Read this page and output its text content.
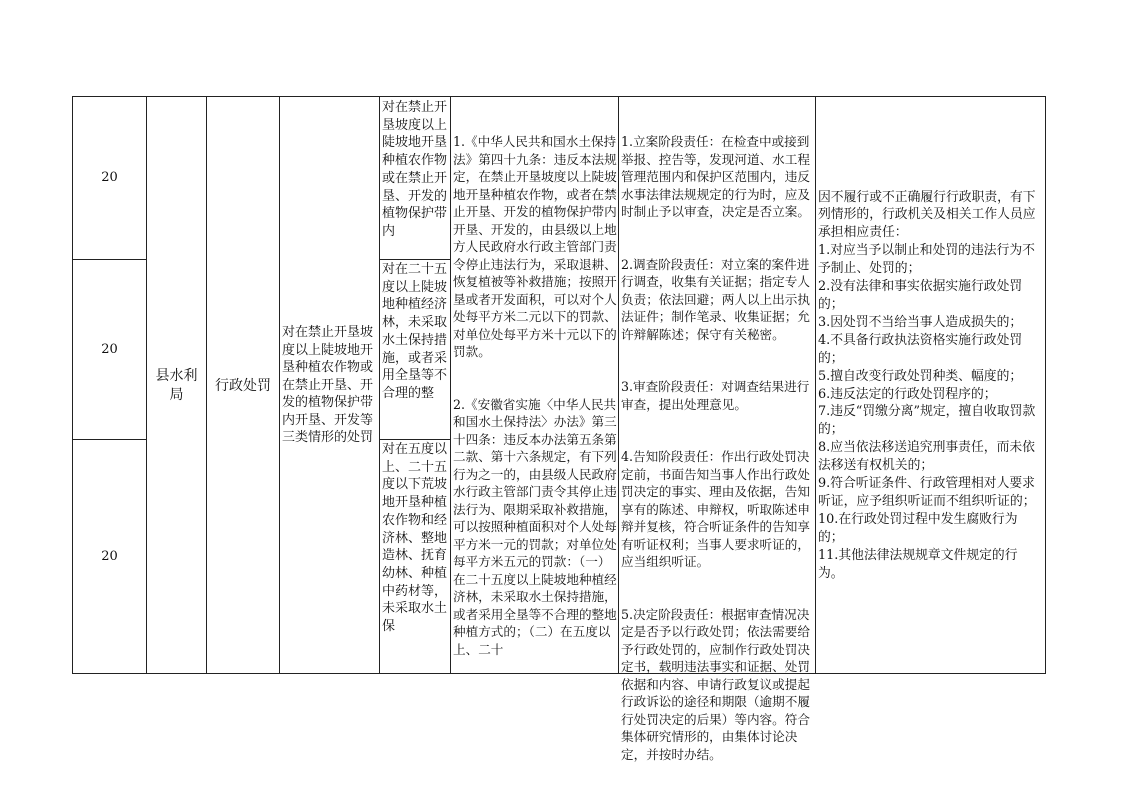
20
20
20
县水利局
行政处罚
对在禁止开垦坡度以上陡坡地开垦种植农作物或在禁止开垦、开发的植物保护带内开垦、开发等三类情形的处罚
对在禁止开垦坡度以上陡坡地开垦种植农作物或在禁止开垦、开发的植物保护带内
对在二十五度以上陡坡地种植经济林，未采取水土保持措施，或者采用全垦等不合理的整
对在五度以上、二十五度以下荒坡地开垦种植农作物和经济林、整地造林、抚育幼林、种植中药材等，未采取水土保

1.《中华人民共和国水土保持法》第四十九条：违反本法规定，在禁止开垦坡度以上陡坡地开垦种植农作物，或者在禁止开垦、开发的植物保护带内开垦、开发的，由县级以上地方人民政府水行政主管部门责令停止违法行为，采取退耕、恢复植被等补救措施；按照开垦或者开发面积，可以对个人处每平方米二元以下的罚款、对单位处每平方米十元以下的罚款。

2.《安徽省实施〈中华人民共和国水土保持法〉办法》第三十四条：违反本办法第五条第二款、第十六条规定，有下列行为之一的，由县级人民政府水行政主管部门责令其停止违法行为、限期采取补救措施，可以按照种植面积对个人处每平方米一元的罚款；对单位处每平方米五元的罚款：（一）在二十五度以上陡坡地种植经济林，未采取水土保持措施，或者采用全垦等不合理的整地种植方式的；（二）在五度以上、二十

1.立案阶段责任：在检查中或接到举报、控告等，发现河道、水工程管理范围内和保护区范围内，违反水事法律法规规定的行为时，应及时制止予以审查，决定是否立案。

2.调查阶段责任：对立案的案件进行调查，收集有关证据；指定专人负责；依法回避；两人以上出示执法证件；制作笔录、收集证据；允许辩解陈述；保守有关秘密。

3.审查阶段责任：对调查结果进行审查，提出处理意见。

4.告知阶段责任：作出行政处罚决定前，书面告知当事人作出行政处罚决定的事实、理由及依据，告知享有的陈述、申辩权，听取陈述申辩并复核，符合听证条件的告知享有听证权利；当事人要求听证的，应当组织听证。

5.决定阶段责任：根据审查情况决定是否予以行政处罚；依法需要给予行政处罚的，应制作行政处罚决定书，载明违法事实和证据、处罚依据和内容、申请行政复议或提起行政诉讼的途径和期限（逾期不履行处罚决定的后果）等内容。符合集体研究情形的，由集体讨论决定，并按时办结。

因不履行或不正确履行行政职责，有下列情形的，行政机关及相关工作人员应承担相应责任：
1.对应当予以制止和处罚的违法行为不予制止、处罚的；
2.没有法律和事实依据实施行政处罚的；
3.因处罚不当给当事人造成损失的；
4.不具备行政执法资格实施行政处罚的；
5.擅自改变行政处罚种类、幅度的；
6.违反法定的行政处罚程序的；
7.违反“罚缴分离”规定，擅自收取罚款的；
8.应当依法移送追究刑事责任，而未依法移送有权机关的；
9.符合听证条件、行政管理相对人要求听证，应予组织听证而不组织听证的；
10.在行政处罚过程中发生腐败行为的；
11.其他法律法规规章文件规定的行为。
